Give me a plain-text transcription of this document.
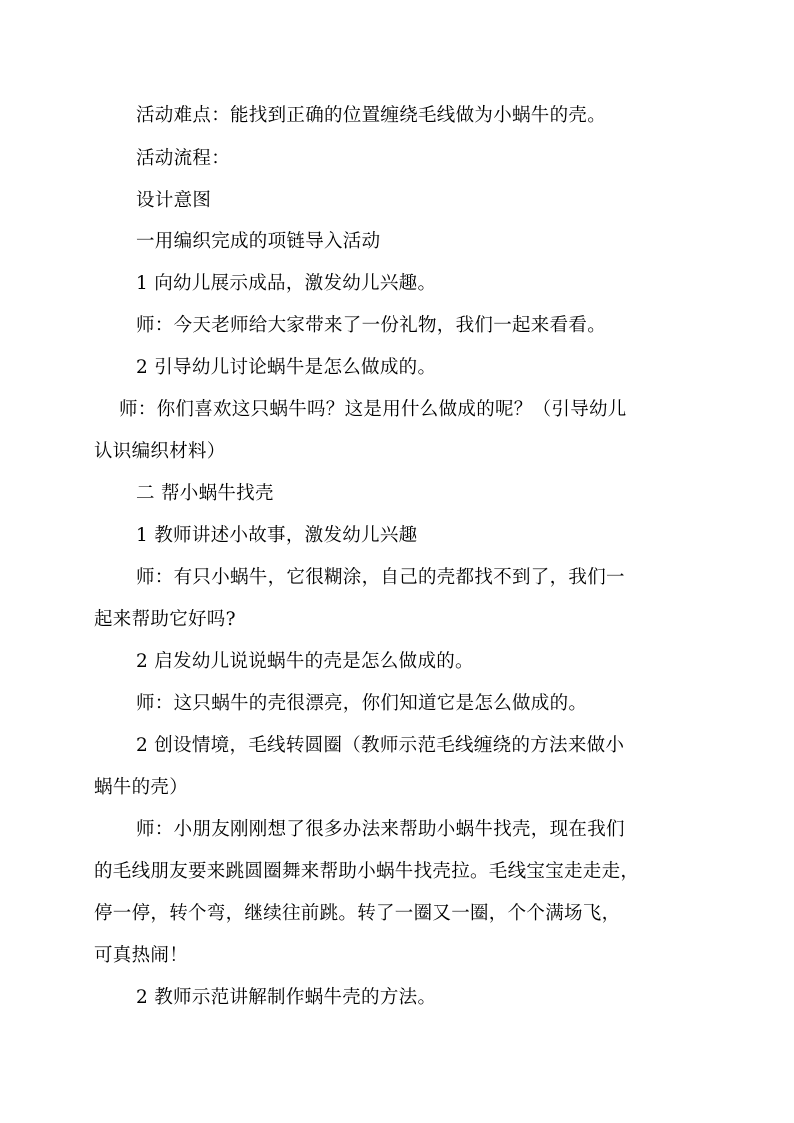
活动难点：能找到正确的位置缠绕毛线做为小蜗牛的壳。
活动流程：
设计意图
一用编织完成的项链导入活动
1 向幼儿展示成品，激发幼儿兴趣。
师：今天老师给大家带来了一份礼物，我们一起来看看。
2 引导幼儿讨论蜗牛是怎么做成的。
师：你们喜欢这只蜗牛吗？这是用什么做成的呢？（引导幼儿
认识编织材料）
二 帮小蜗牛找壳
1 教师讲述小故事，激发幼儿兴趣
师：有只小蜗牛，它很糊涂，自己的壳都找不到了，我们一
起来帮助它好吗?
2 启发幼儿说说蜗牛的壳是怎么做成的。
师：这只蜗牛的壳很漂亮，你们知道它是怎么做成的。
2 创设情境，毛线转圆圈（教师示范毛线缠绕的方法来做小
蜗牛的壳）
师：小朋友刚刚想了很多办法来帮助小蜗牛找壳，现在我们
的毛线朋友要来跳圆圈舞来帮助小蜗牛找壳拉。毛线宝宝走走走，
停一停，转个弯，继续往前跳。转了一圈又一圈，个个满场飞，
可真热闹！
2 教师示范讲解制作蜗牛壳的方法。
